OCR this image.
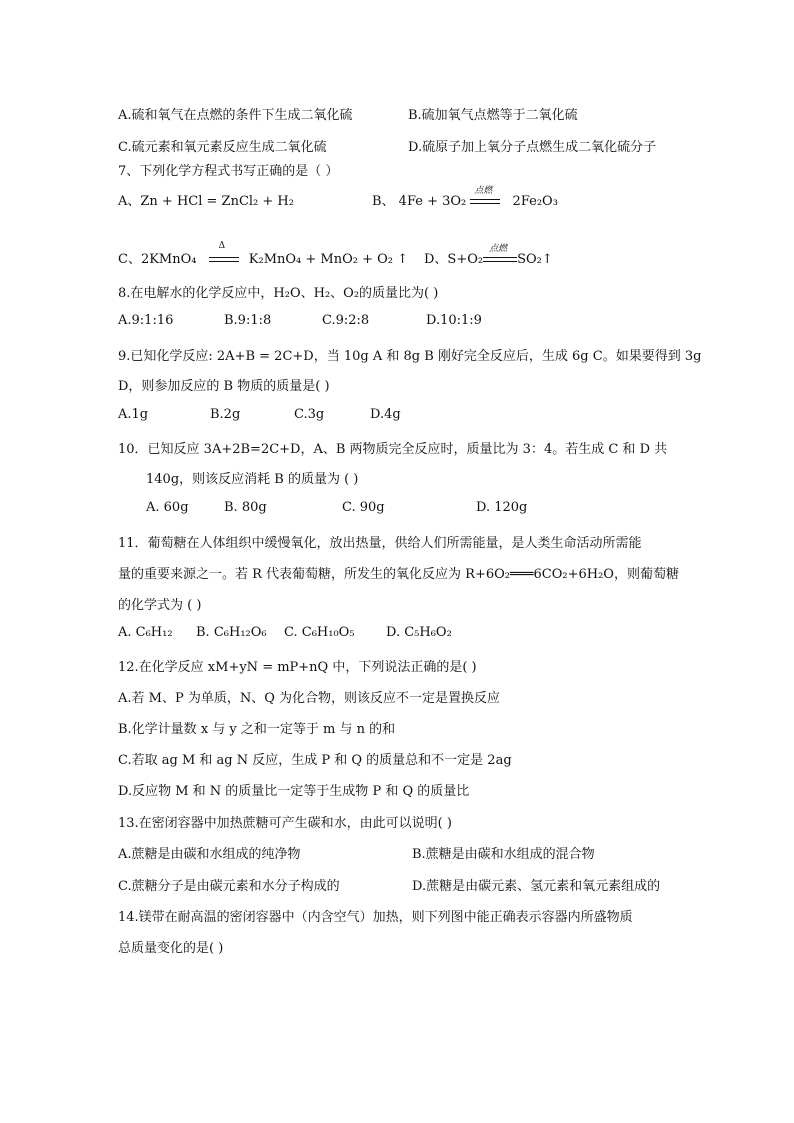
A.硫和氧气在点燃的条件下生成二氧化硫	B.硫加氧气点燃等于二氧化硫
C.硫元素和氧元素反应生成二氧化硫	D.硫原子加上氧分子点燃生成二氧化硫分子
7、下列化学方程式书写正确的是（ ）
A、Zn + HCl = ZnCl₂ + H₂	B、 4Fe + 3O₂
点燃
2Fe₂O₃
C、2KMnO₄
Δ
K₂MnO₄ + MnO₂ + O₂ ↑ D、S+O₂
点燃
SO₂↑
8.在电解水的化学反应中，H₂O、H₂、O₂的质量比为( )
A.9:1:16	B.9:1:8	C.9:2:8	D.10:1:9
9.已知化学反应: 2A+B = 2C+D，当 10g A 和 8g B 刚好完全反应后，生成 6g C。如果要得到 3g
D，则参加反应的 B 物质的质量是( )
A.1g	B.2g	C.3g	D.4g
10．已知反应 3A+2B=2C+D，A、B 两物质完全反应时，质量比为 3：4。若生成 C 和 D 共
140g，则该反应消耗 B 的质量为 ( )
A. 60g	B. 80g	C. 90g	D. 120g
11．葡萄糖在人体组织中缓慢氧化，放出热量，供给人们所需能量，是人类生命活动所需能
量的重要来源之一。若 R 代表葡萄糖，所发生的氧化反应为 R+6O₂═══6CO₂+6H₂O，则葡萄糖
的化学式为 ( )
A. C₆H₁₂ B. C₆H₁₂O₆ C. C₆H₁₀O₅ D. C₅H₆O₂
12.在化学反应 xM+yN = mP+nQ 中，下列说法正确的是( )
A.若 M、P 为单质，N、Q 为化合物，则该反应不一定是置换反应
B.化学计量数 x 与 y 之和一定等于 m 与 n 的和
C.若取 ag M 和 ag N 反应，生成 P 和 Q 的质量总和不一定是 2ag
D.反应物 M 和 N 的质量比一定等于生成物 P 和 Q 的质量比
13.在密闭容器中加热蔗糖可产生碳和水，由此可以说明( )
A.蔗糖是由碳和水组成的纯净物	B.蔗糖是由碳和水组成的混合物
C.蔗糖分子是由碳元素和水分子构成的	D.蔗糖是由碳元素、氢元素和氧元素组成的
14.镁带在耐高温的密闭容器中（内含空气）加热，则下列图中能正确表示容器内所盛物质
总质量变化的是( )
